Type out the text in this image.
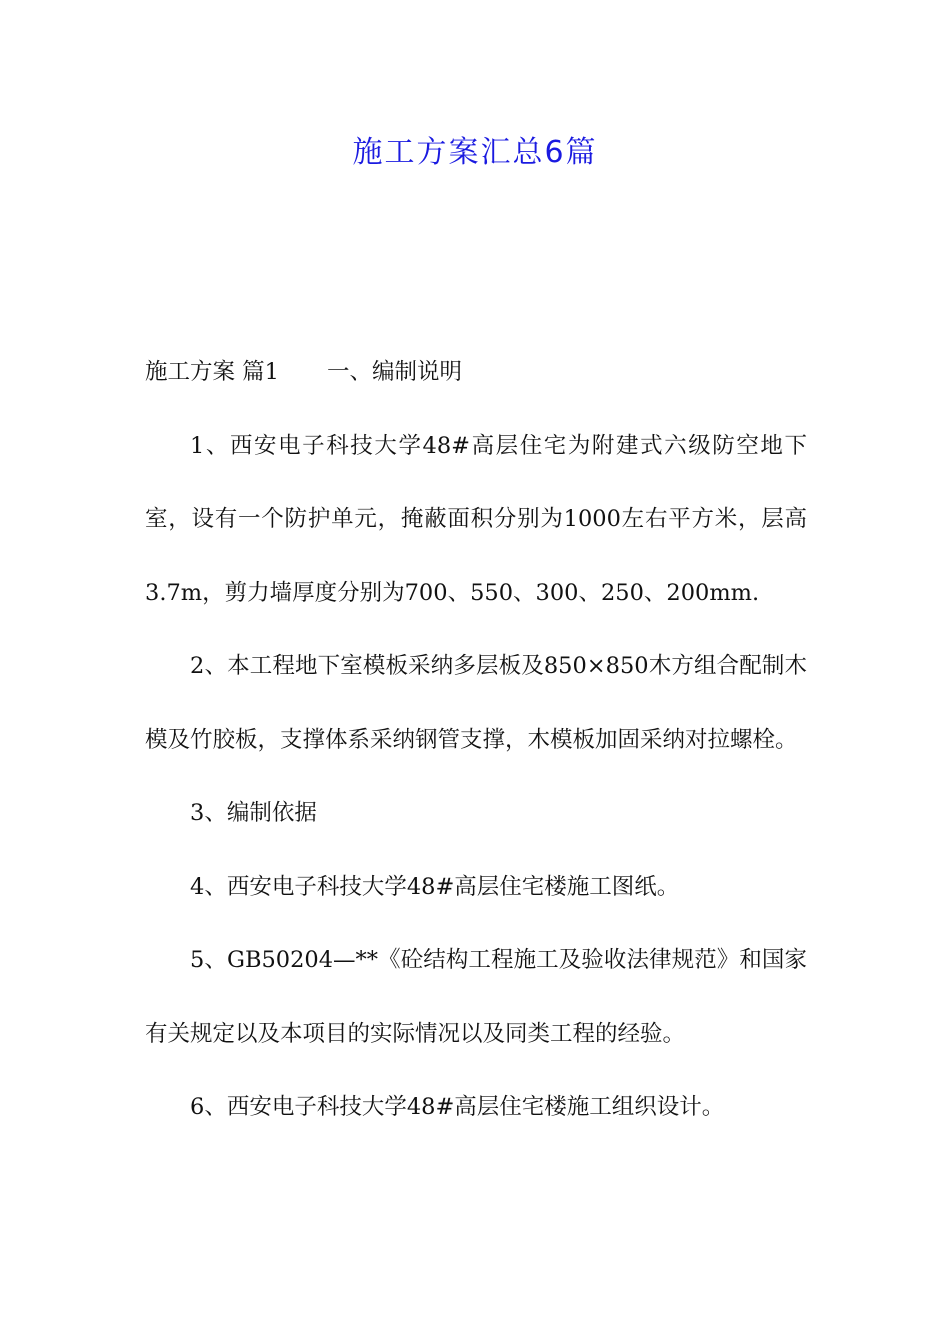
施工方案汇总6篇

施工方案 篇1 一、编制说明

1、西安电子科技大学48#高层住宅为附建式六级防空地下室，设有一个防护单元，掩蔽面积分别为1000左右平方米，层高 3.7m，剪力墙厚度分别为700、550、300、250、200mm.

2、本工程地下室模板采纳多层板及850×850木方组合配制木模及竹胶板，支撑体系采纳钢管支撑，木模板加固采纳对拉螺栓。

3、编制依据

4、西安电子科技大学48#高层住宅楼施工图纸。

5、GB50204—**《砼结构工程施工及验收法律规范》和国家有关规定以及本项目的实际情况以及同类工程的经验。

6、西安电子科技大学48#高层住宅楼施工组织设计。
